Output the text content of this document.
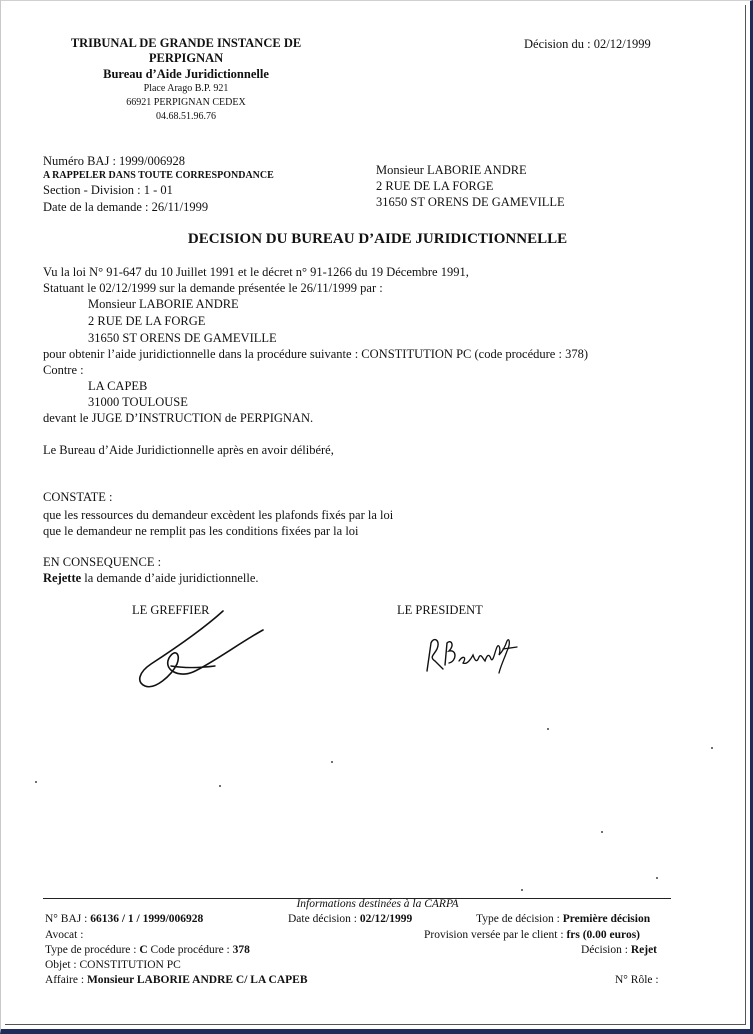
TRIBUNAL DE GRANDE INSTANCE DE
PERPIGNAN
Bureau d’Aide Juridictionnelle
Place Arago B.P. 921
66921 PERPIGNAN CEDEX
04.68.51.96.76
Décision du : 02/12/1999
Numéro BAJ : 1999/006928
A RAPPELER DANS TOUTE CORRESPONDANCE
Section - Division : 1 - 01
Date de la demande : 26/11/1999
Monsieur LABORIE ANDRE
2 RUE DE LA FORGE
31650 ST ORENS DE GAMEVILLE
DECISION DU BUREAU D’AIDE JURIDICTIONNELLE
Vu la loi N° 91-647 du 10 Juillet 1991 et le décret n° 91-1266 du 19 Décembre 1991,
Statuant le 02/12/1999 sur la demande présentée le 26/11/1999 par :
Monsieur LABORIE ANDRE
2 RUE DE LA FORGE
31650 ST ORENS DE GAMEVILLE
pour obtenir l’aide juridictionnelle dans la procédure suivante : CONSTITUTION PC (code procédure : 378)
Contre :
LA CAPEB
31000 TOULOUSE
devant le JUGE D’INSTRUCTION de PERPIGNAN.
Le Bureau d’Aide Juridictionnelle après en avoir délibéré,
CONSTATE :
que les ressources du demandeur excèdent les plafonds fixés par la loi
que le demandeur ne remplit pas les conditions fixées par la loi
EN CONSEQUENCE :
Rejette la demande d’aide juridictionnelle.
LE GREFFIER	LE PRESIDENT
Informations destinées à la CARPA
N° BAJ : 66136 / 1 / 1999/006928	Date décision : 02/12/1999	Type de décision : Première décision
Avocat :	Provision versée par le client : frs (0.00 euros)
Type de procédure : C Code procédure : 378	Décision : Rejet
Objet : CONSTITUTION PC
Affaire : Monsieur LABORIE ANDRE C/ LA CAPEB	N° Rôle :
